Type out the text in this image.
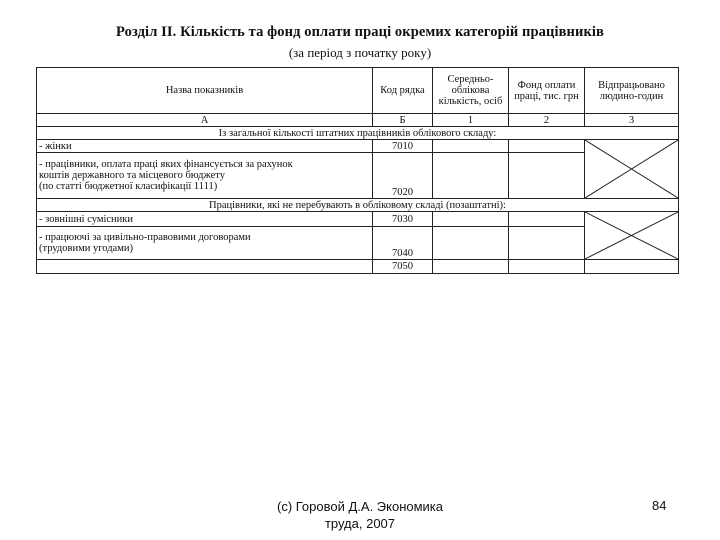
Розділ ІІ. Кількість та фонд оплати праці окремих категорій працівників
(за період з початку року)
Назва показників	Код рядка	Середньо-облікова кількість, осіб	Фонд оплати праці, тис. грн	Відпрацьовано людино-годин
А	Б	1	2	3
Із загальної кількості штатних працівників облікового складу:				
- жінки	7010			

- працівники, оплата праці яких фінансується за рахунок
коштів державного та місцевого бюджету
(по статті бюджетної класифікації 1111)	7020			
Працівники, які не перебувають в обліковому складі (позаштатні):				
- зовнішні сумісники	7030			

- працюючі за цивільно-правовими договорами
(трудовими угодами)	7040			
	7050			
(с) Горовой Д.А. Экономика
труда, 2007
84
